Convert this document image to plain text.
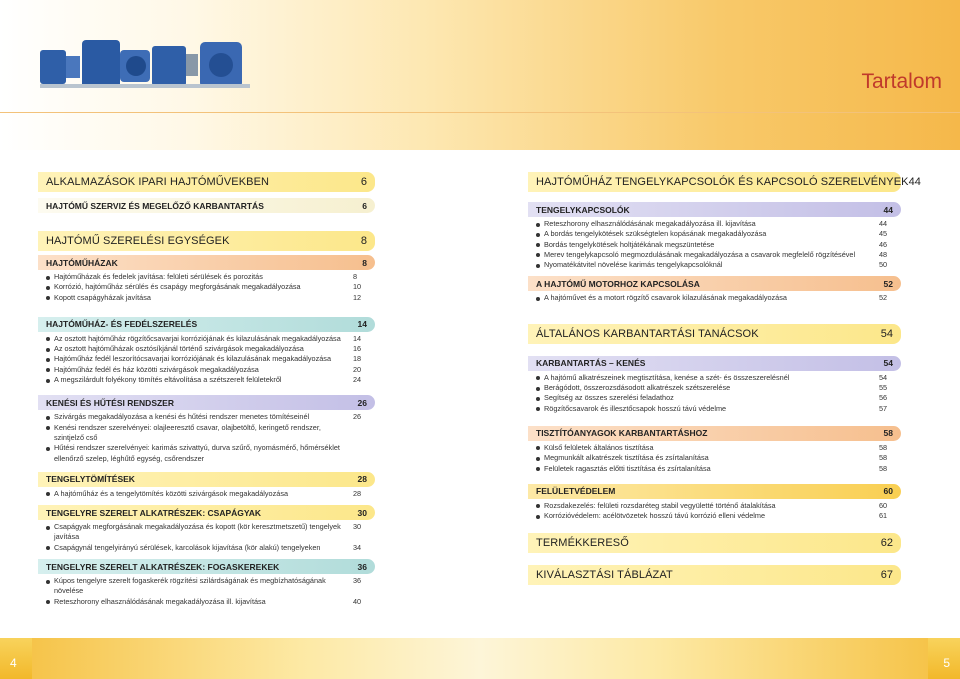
Tartalom
ALKALMAZÁSOK IPARI HAJTÓMŰVEKBEN	6
HAJTÓMŰ SZERVIZ ÉS MEGELŐZŐ KARBANTARTÁS	6
HAJTÓMŰ SZERELÉSI EGYSÉGEK	8
HAJTÓMŰHÁZAK	8
Hajtóműházak és fedelek javítása: felületi sérülések és porozitás	8
Korrózió, hajtóműház sérülés és csapágy megforgásának megakadályozása	10
Kopott csapágyházak javítása	12
HAJTÓMŰHÁZ- ÉS FEDÉLSZERELÉS	14
Az osztott hajtóműház rögzítőcsavarjai korróziójának és kilazulásának megakadályozása	14
Az osztott hajtóműházak osztósíkjánál történő szivárgások megakadályozása	16
Hajtóműház fedél leszorítócsavarjai korróziójának és kilazulásának megakadályozása	18
Hajtóműház fedél és ház közötti szivárgások megakadályozása	20
A megszilárdult folyékony tömítés eltávolítása a szétszerelt felületekről	24
KENÉSI ÉS HŰTÉSI RENDSZER	26
Szivárgás megakadályozása a kenési és hűtési rendszer menetes tömítéseinél	26
Kenési rendszer szerelvényei: olajleeresztő csavar, olajbetöltő, keringető rendszer,
szintjelző cső
Hűtési rendszer szerelvényei: karimás szivattyú, durva szűrő, nyomásmérő, hőmérséklet
ellenőrző szelep, léghűtő egység, csőrendszer
TENGELYTÖMÍTÉSEK	28
A hajtóműház és a tengelytömítés közötti szivárgások megakadályozása	28
TENGELYRE SZERELT ALKATRÉSZEK: CSAPÁGYAK	30
Csapágyak megforgásának megakadályozása és kopott (kör keresztmetszetű) tengelyek javítása
30
Csapágynál tengelyirányú sérülések, karcolások kijavítása (kör alakú) tengelyeken	34
TENGELYRE SZERELT ALKATRÉSZEK: FOGASKEREKEK	36
Kúpos tengelyre szerelt fogaskerék rögzítési szilárdságának és megbízhatóságának növelése
36
Reteszhorony elhasználódásának megakadályozása ill. kijavítása	40
HAJTÓMŰHÁZ TENGELYKAPCSOLÓK ÉS KAPCSOLÓ SZERELVÉNYEK 44
TENGELYKAPCSOLÓK	44
Reteszhorony elhasználódásának megakadályozása ill. kijavítása	44
A bordás tengelykötések szükségtelen kopásának megakadályozása	45
Bordás tengelykötések holtjátékának megszüntetése	46
Merev tengelykapcsoló megmozdulásának megakadályozása a csavarok megfelelő rögzítésével	48
Nyomatékátvitel növelése karimás tengelykapcsolóknál	50
A HAJTÓMŰ MOTORHOZ KAPCSOLÁSA	52
A hajtóművet és a motort rögzítő csavarok kilazulásának megakadályozása	52
ÁLTALÁNOS KARBANTARTÁSI TANÁCSOK	54
KARBANTARTÁS – KENÉS	54
A hajtómű alkatrészeinek megtisztítása, kenése a szét- és összeszerelésnél	54
Berágódott, összerozsdásodott alkatrészek szétszerelése	55
Segítség az összes szerelési feladathoz	56
Rögzítőcsavarok és illesztőcsapok hosszú távú védelme	57
TISZTÍTÓANYAGOK KARBANTARTÁSHOZ	58
Külső felületek általános tisztítása	58
Megmunkált alkatrészek tisztítása és zsírtalanítása	58
Felületek ragasztás előtti tisztítása és zsírtalanítása	58
FELÜLETVÉDELEM	60
Rozsdakezelés: felületi rozsdaréteg stabil vegyületté történő átalakítása	60
Korrózióvédelem: acélötvözetek hosszú távú korrózió elleni védelme	61
TERMÉKKERESŐ	62
KIVÁLASZTÁSI TÁBLÁZAT	67
4	5
